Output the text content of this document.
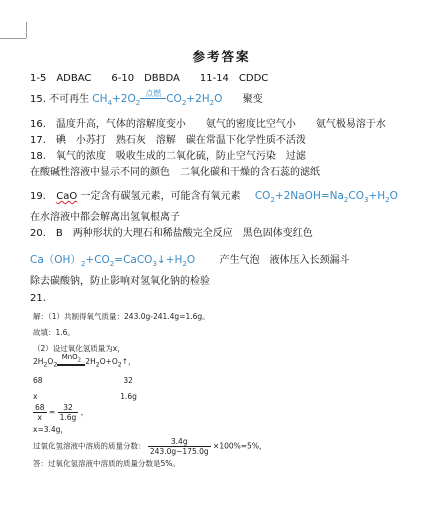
参考答案
1-5　ADBAC　　6-10　DBBDA　　11-14　CDDC
15. 不可再生 $CH_4+2O_2$
点燃 $CO_2+2H_2O$ 聚变
16.　温度升高，气体的溶解度变小　　氨气的密度比空气小　　氨气极易溶于水
17.　碘　小苏打　熟石灰　溶解　碳在常温下化学性质不活泼
18.　氧气的浓度　吸收生成的二氧化硫，防止空气污染　过滤
在酸碱性溶液中显示不同的颜色　二氧化碳和干燥的含石蕊的滤纸
19. CaO 一定含有碳氢元素，可能含有氧元素 $CO_2+2NaOH=Na_2CO_3+H_2O$
在水溶液中都会解离出氢氧根离子
20.　B　两种形状的大理石和稀盐酸完全反应　黑色固体变红色
$Ca(OH)_2+CO_2=CaCO_3↓+H_2O$ 产生气泡　液体压入长颈漏斗
除去碳酸钠，防止影响对氢氧化钠的检验
21.
解：（1）共制得氧气质量：243.0g-241.4g=1.6g。
故填：1.6。
（2）设过氧化氢质量为x，
$2H_2O_2$
MnO$_2$ $2H_2O+O_2↑$，
68	32
x	1.6g
$\frac{68}{x} = \frac{32}{1.6g}$ ，
x=3.4g，
过氧化氢溶液中溶质的质量分数： $\frac{3.4g}{243.0g-175.0g} \times 100\%=5\%$，
答：过氧化氢溶液中溶质的质量分数是5%。
